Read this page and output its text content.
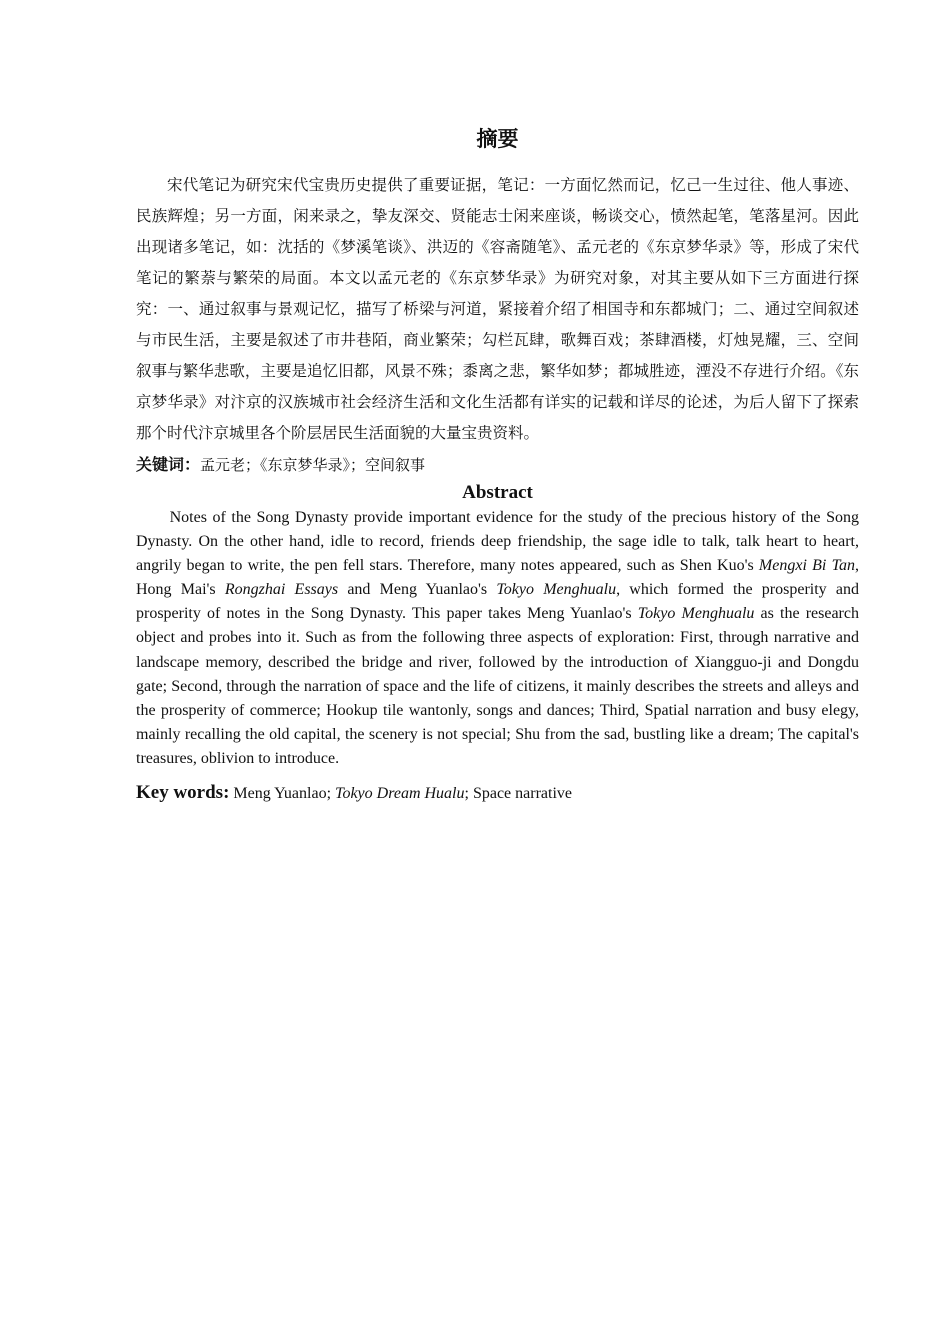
摘要

宋代笔记为研究宋代宝贵历史提供了重要证据，笔记：一方面忆然而记，忆己一生过往、他人事迹、民族辉煌；另一方面，闲来录之，挚友深交、贤能志士闲来座谈，畅谈交心，愤然起笔，笔落星河。因此出现诸多笔记，如：沈括的《梦溪笔谈》、洪迈的《容斋随笔》、孟元老的《东京梦华录》等，形成了宋代笔记的繁萘与繁荣的局面。本文以孟元老的《东京梦华录》为研究对象，对其主要从如下三方面进行探究：一、通过叙事与景观记忆，描写了桥梁与河道，紧接着介绍了相国寺和东都城门；二、通过空间叙述与市民生活，主要是叙述了市井巷陌，商业繁荣；勾栏瓦肆，歌舞百戏；茶肆酒楼，灯烛晃耀，三、空间叙事与繁华悲歌，主要是追忆旧都，风景不殊；黍离之悲，繁华如梦；都城胜迹，湮没不存进行介绍。《东京梦华录》对汴京的汉族城市社会经济生活和文化生活都有详实的记载和详尽的论述，为后人留下了探索那个时代汴京城里各个阶层居民生活面貌的大量宝贵资料。

关键词：孟元老；《东京梦华录》；空间叙事

Abstract

Notes of the Song Dynasty provide important evidence for the study of the precious history of the Song Dynasty. On the other hand, idle to record, friends deep friendship, the sage idle to talk, talk heart to heart, angrily began to write, the pen fell stars. Therefore, many notes appeared, such as Shen Kuo's Mengxi Bi Tan, Hong Mai's Rongzhai Essays and Meng Yuanlao's Tokyo Menghualu, which formed the prosperity and prosperity of notes in the Song Dynasty. This paper takes Meng Yuanlao's Tokyo Menghualu as the research object and probes into it. Such as from the following three aspects of exploration: First, through narrative and landscape memory, described the bridge and river, followed by the introduction of Xiangguo-ji and Dongdu gate; Second, through the narration of space and the life of citizens, it mainly describes the streets and alleys and the prosperity of commerce; Hookup tile wantonly, songs and dances; Third, Spatial narration and busy elegy, mainly recalling the old capital, the scenery is not special; Shu from the sad, bustling like a dream; The capital's treasures, oblivion to introduce.

Key words: Meng Yuanlao; Tokyo Dream Hualu; Space narrative
